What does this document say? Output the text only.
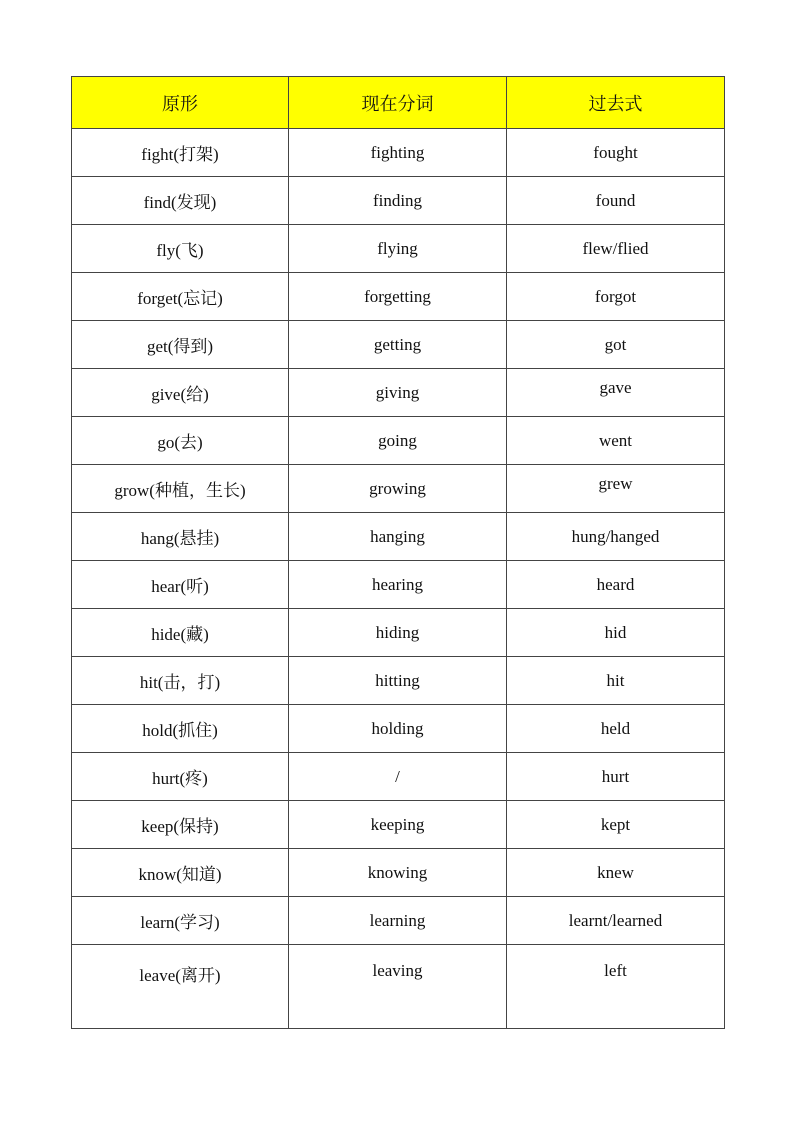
原形	现在分词	过去式

fight(打架)	fighting	fought

find(发现)	finding	found

fly(飞)	flying	flew/flied

forget(忘记)	forgetting	forgot

get(得到)	getting	got

give(给)	giving	gave

go(去)	going	went

grow(种植，生长)	growing	grew

hang(悬挂)	hanging	hung/hanged

hear(听)	hearing	heard

hide(藏)	hiding	hid

hit(击，打)	hitting	hit

hold(抓住)	holding	held

hurt(疼)	/	hurt

keep(保持)	keeping	kept

know(知道)	knowing	knew

learn(学习)	learning	learnt/learned

leave(离开)	leaving	left
